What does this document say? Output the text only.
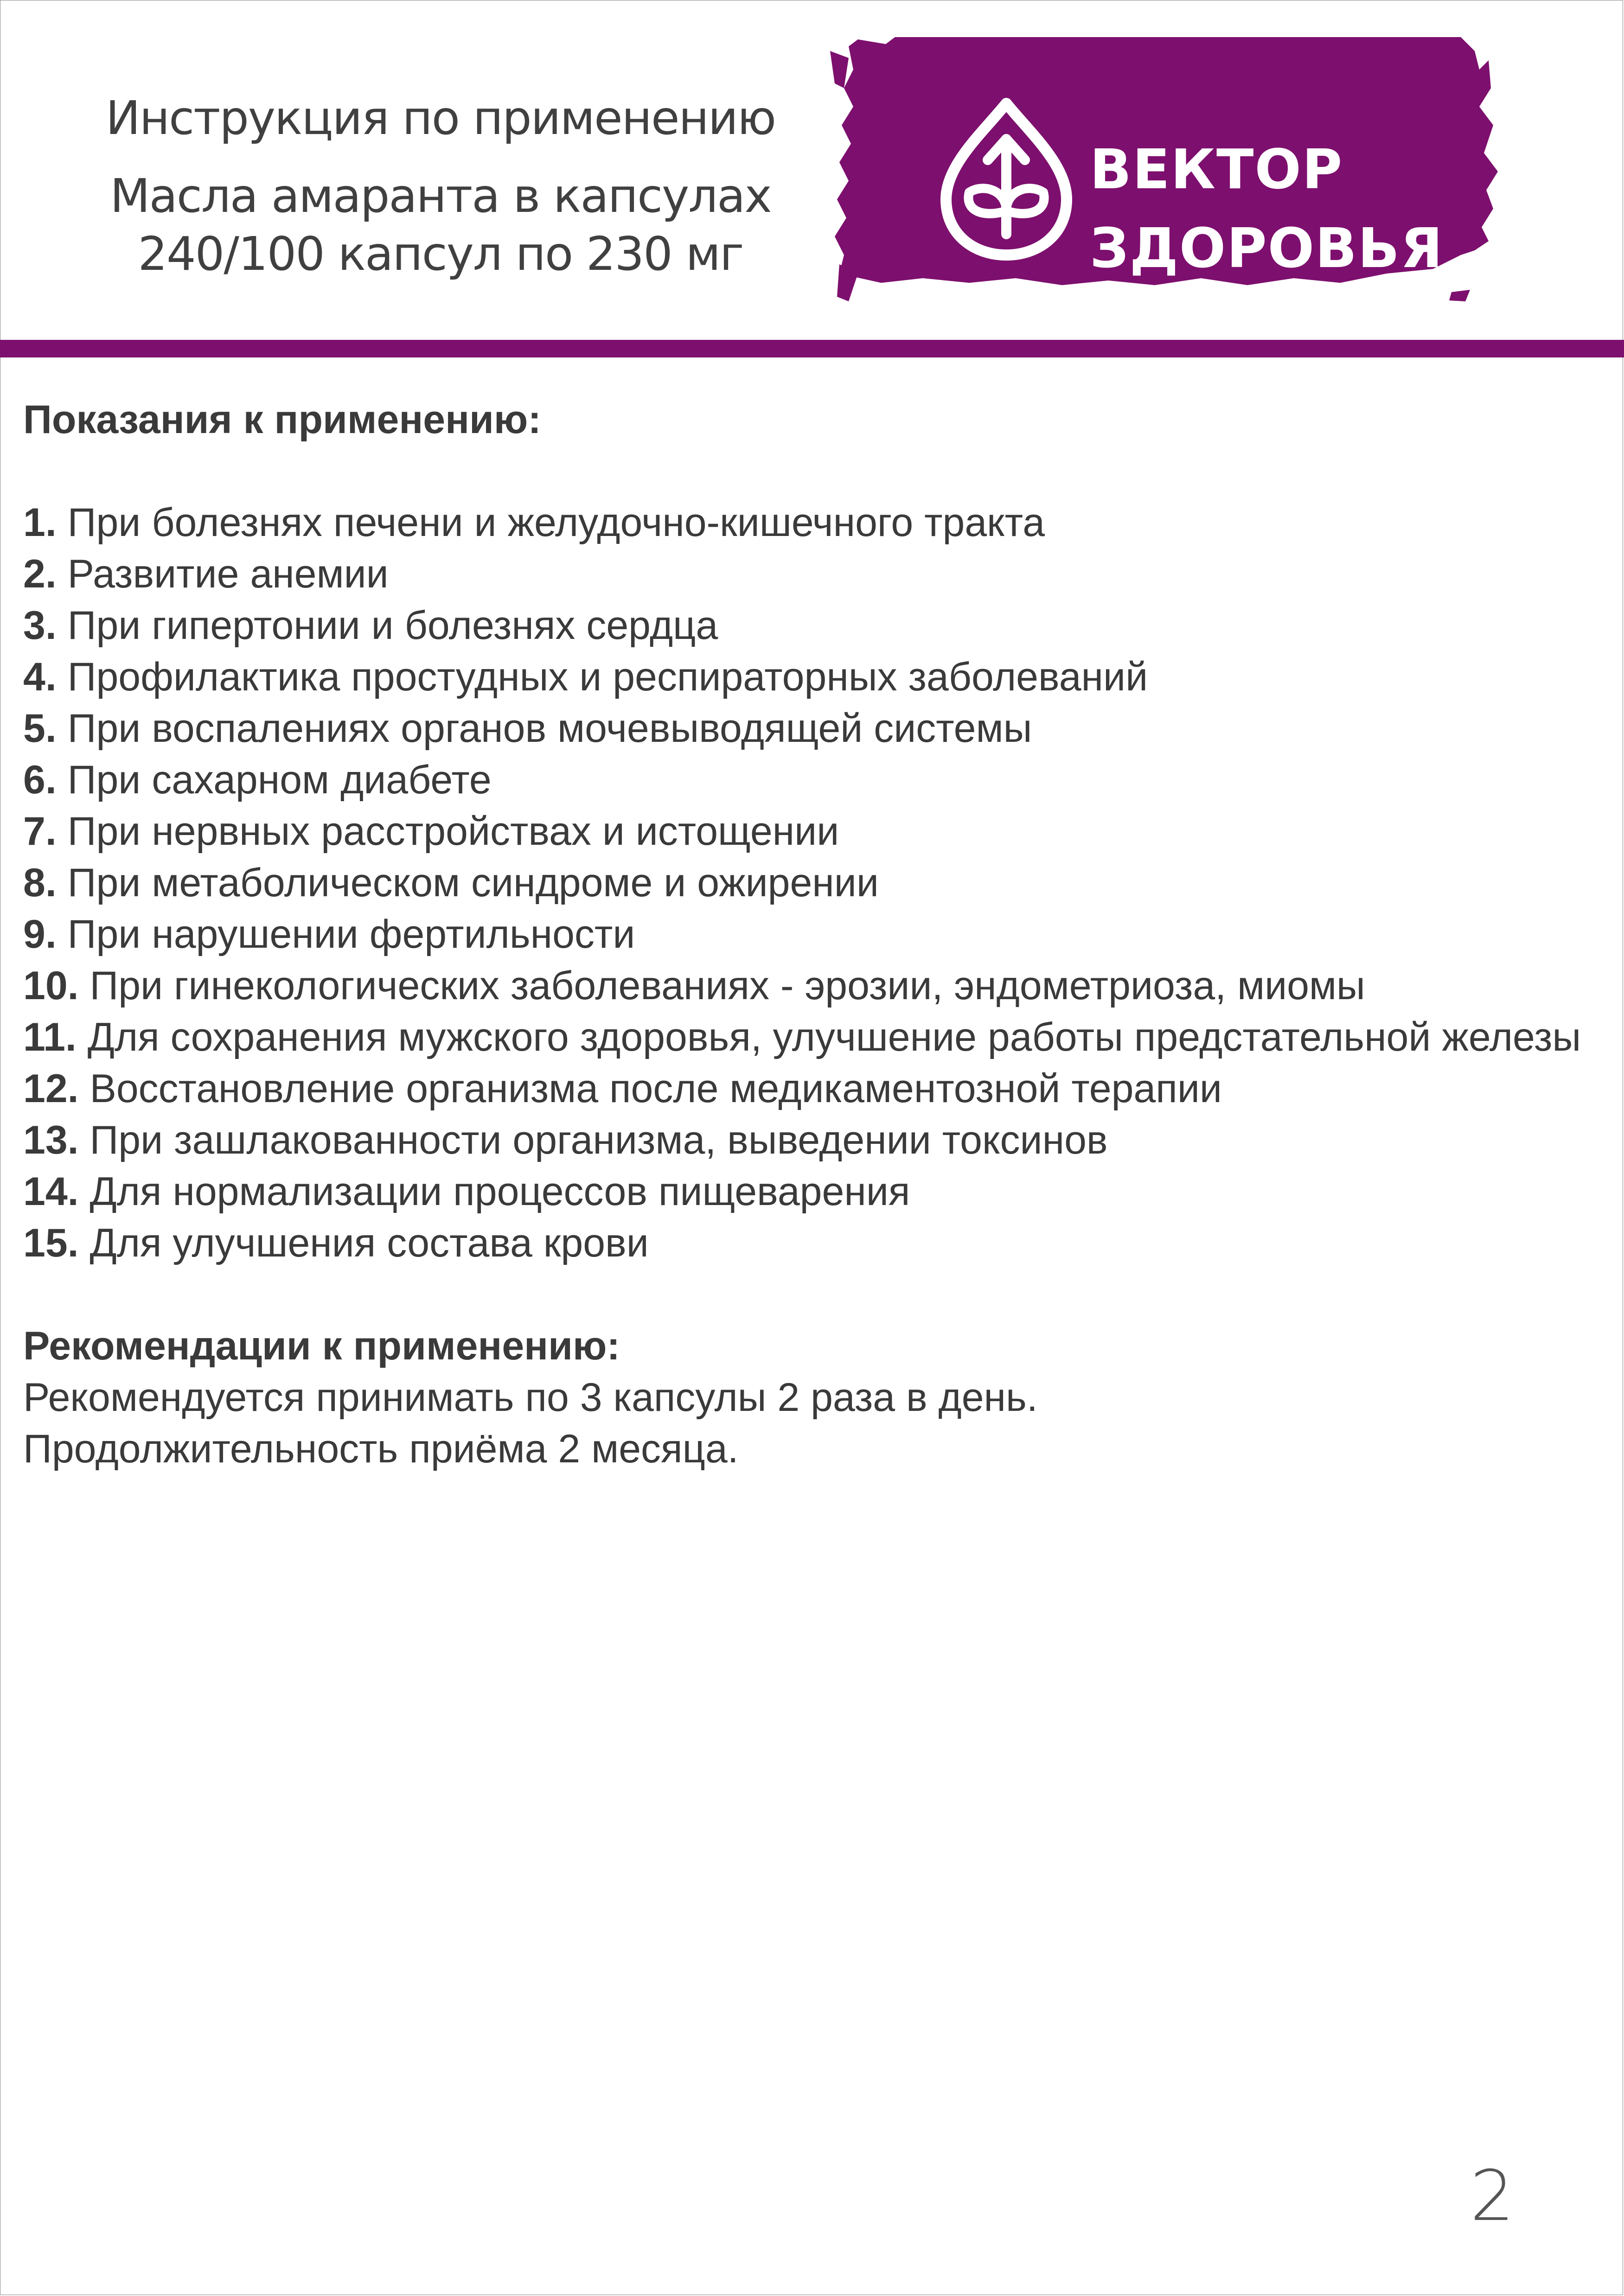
Инструкция по применению
Масла амаранта в капсулах
240/100 капсул по 230 мг
ВЕКТОР
ЗДОРОВЬЯ

Показания к применению:

1. При болезнях печени и желудочно-кишечного тракта
2. Развитие анемии
3. При гипертонии и болезнях сердца
4. Профилактика простудных и респираторных заболеваний
5. При воспалениях органов мочевыводящей системы
6. При сахарном диабете
7. При нервных расстройствах и истощении
8. При метаболическом синдроме и ожирении
9. При нарушении фертильности
10. При гинекологических заболеваниях - эрозии, эндометриоза, миомы
11. Для сохранения мужского здоровья, улучшение работы предстательной железы
12. Восстановление организма после медикаментозной терапии
13. При зашлакованности организма, выведении токсинов
14. Для нормализации процессов пищеварения
15. Для улучшения состава крови

Рекомендации к применению:

Рекомендуется принимать по 3 капсулы 2 раза в день.

Продолжительность приёма 2 месяца.

2
